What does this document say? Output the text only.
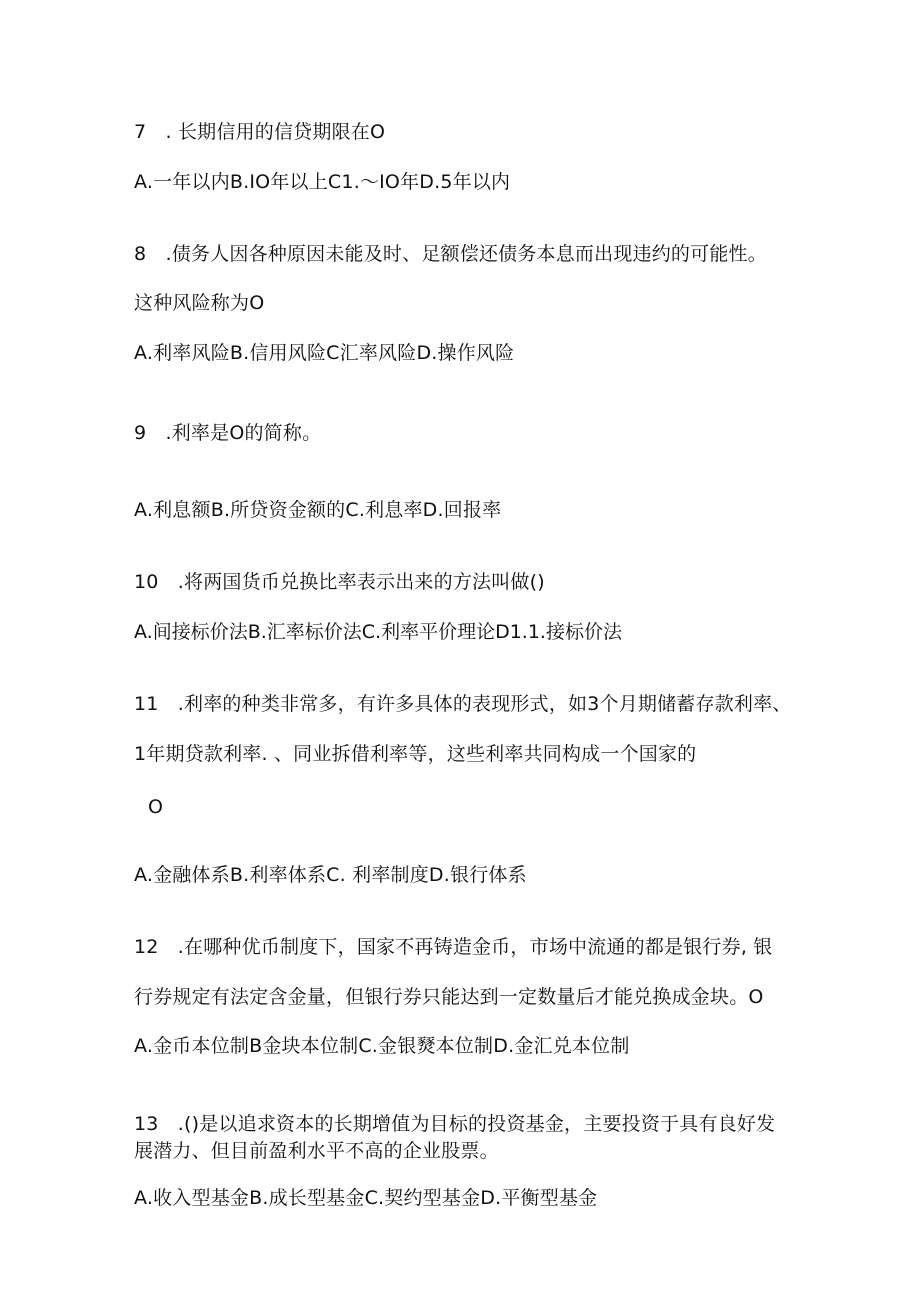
7　. 长期信用的信贷期限在O

A.一年以内B.IO年以上C1.～IO年D.5年以内

8　.债务人因各种原因未能及时、足额偿还债务本息而出现违约的可能性。

这种风险称为O

A.利率风险B.信用风险C汇率风险D.操作风险

9　.利率是O的简称。

A.利息额B.所贷资金额的C.利息率D.回报率

10　.将两国货币兑换比率表示出来的方法叫做()

A.间接标价法B.汇率标价法C.利率平价理论D1.1.接标价法

11　.利率的种类非常多，有许多具体的表现形式，如3个月期储蓄存款利率、

1年期贷款利率. 、同业拆借利率等，这些利率共同构成一个国家的

O

A.金融体系B.利率体系C. 利率制度D.银行体系

12　.在哪种优币制度下，国家不再铸造金币，市场中流通的都是银行券, 银

行券规定有法定含金量，但银行券只能达到一定数量后才能兑换成金块。O

A.金币本位制B金块本位制C.金银燹本位制D.金汇兑本位制

13　.()是以追求资本的长期增值为目标的投资基金，主要投资于具有良好发

展潜力、但目前盈利水平不高的企业股票。

A.收入型基金B.成长型基金C.契约型基金D.平衡型基金
